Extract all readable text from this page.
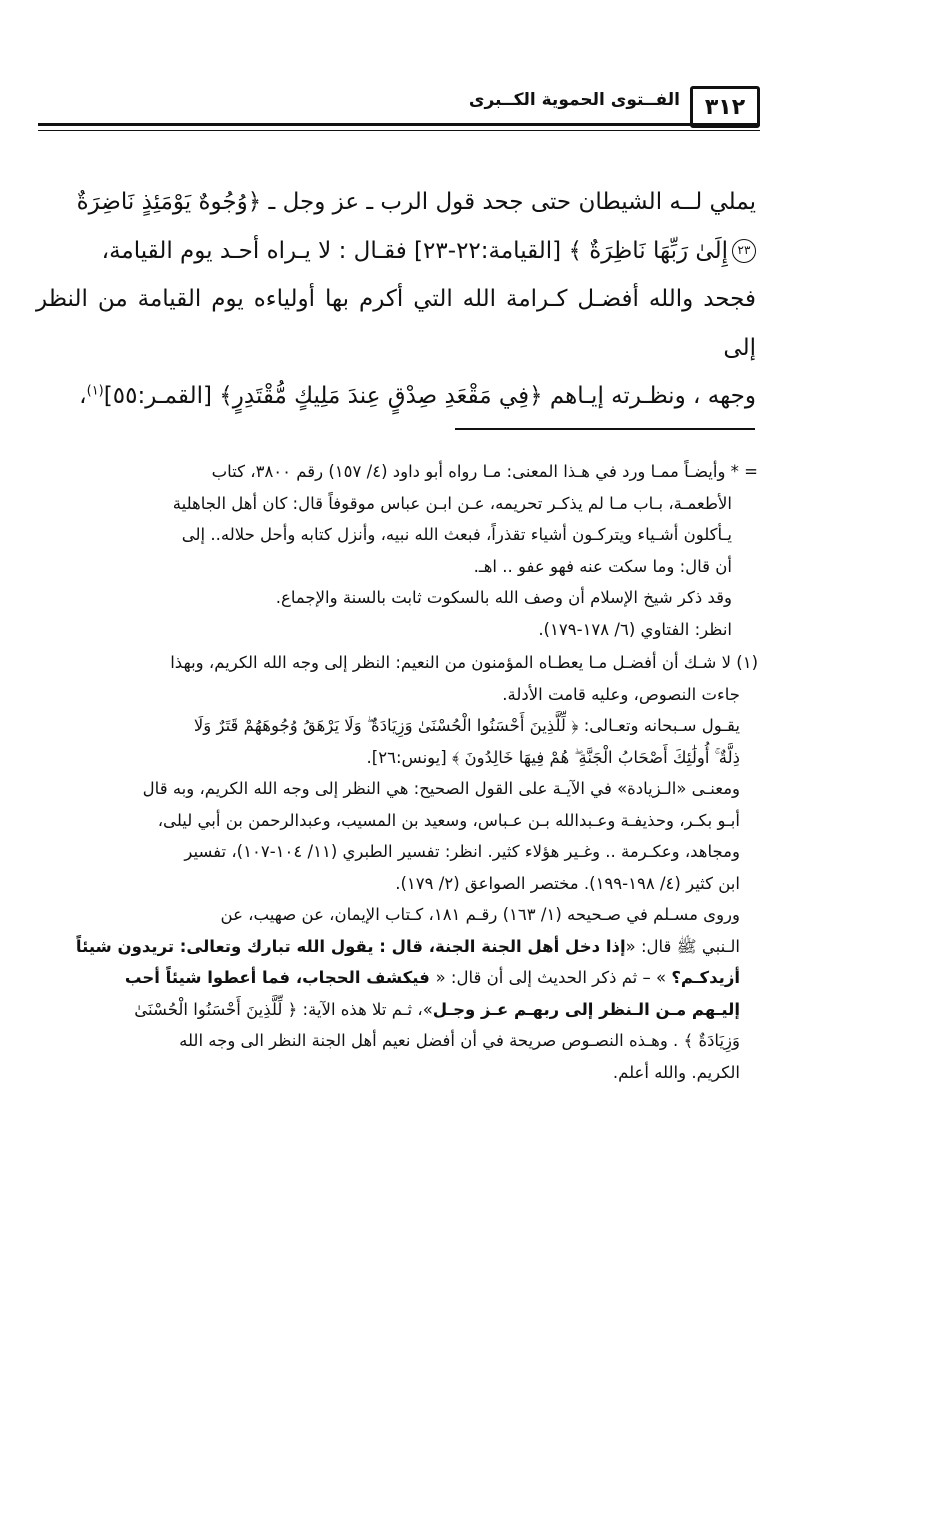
٣١٢
الفــتوى الحموية الكــبرى

يملي لــه الشيطان حتى جحد قول الرب ـ عز وجل ـ ﴿وُجُوهٌ يَوْمَئِذٍ نَاضِرَةٌ

٢٣إِلَىٰ رَبِّهَا نَاظِرَةٌ ﴾ [القيامة:٢٢-٢٣] فقـال : لا يـراه أحـد يوم القيامة،

فجحد والله أفضـل كـرامة الله التي أكرم بها أولياءه يوم القيامة من النظر إلى

وجهه ، ونظـرته إيـاهم ﴿فِي مَقْعَدِ صِدْقٍ عِندَ مَلِيكٍ مُّقْتَدِرٍ﴾ [القمـر:٥٥]$^{(١)}$،

= * وأيضـاً ممـا ورد في هـذا المعنى: مـا رواه أبو داود (٤/ ١٥٧) رقم ٣٨٠٠، كتاب

الأطعمـة، بـاب مـا لم يذكـر تحريمه، عـن ابـن عباس موقوفاً قال: كان أهل الجاهلية

يـأكلون أشـياء ويتركـون أشياء تقذراً، فبعث الله نبيه، وأنزل كتابه وأحل حلاله.. إلى

أن قال: وما سكت عنه فهو عفو .. اهـ.

وقد ذكر شيخ الإسلام أن وصف الله بالسكوت ثابت بالسنة والإجماع.

انظر: الفتاوي (٦/ ١٧٨-١٧٩).

(١) لا شـك أن أفضـل مـا يعطـاه المؤمنون من النعيم: النظر إلى وجه الله الكريم، وبهذا

جاءت النصوص، وعليه قامت الأدلة.

يقـول سـبحانه وتعـالى: ﴿ لِّلَّذِينَ أَحْسَنُوا الْحُسْنَىٰ وَزِيَادَةٌ ۖ وَلَا يَرْهَقُ وُجُوهَهُمْ قَتَرٌ وَلَا

ذِلَّةٌ ۚ أُولَٰئِكَ أَصْحَابُ الْجَنَّةِ ۖ هُمْ فِيهَا خَالِدُونَ ﴾ [يونس:٢٦].

ومعنـى «الـزيادة» في الآيـة على القول الصحيح: هي النظر إلى وجه الله الكريم، وبه قال

أبـو بكـر، وحذيفـة وعـبدالله بـن عـباس، وسعيد بن المسيب، وعبدالرحمن بن أبي ليلى،

ومجاهد، وعكـرمة .. وغـير هؤلاء كثير. انظر: تفسير الطبري (١١/ ١٠٤-١٠٧)، تفسير

ابن كثير (٤/ ١٩٨-١٩٩). مختصر الصواعق (٢/ ١٧٩).

وروى مسـلم في صـحيحه (١/ ١٦٣) رقـم ١٨١، كـتاب الإيمان، عن صهيب، عن

الـنبي ﷺ قال: «إذا دخل أهل الجنة الجنة، قال : يقول الله تبارك وتعالى: تريدون شيئاً

أزيدكـم؟ » – ثم ذكر الحديث إلى أن قال: « فيكشف الحجاب، فما أعطوا شيئاً أحب

إليـهم مـن الـنظر إلى ربهـم عـز وجـل»، ثـم تلا هذه الآية: ﴿ لِّلَّذِينَ أَحْسَنُوا الْحُسْنَىٰ

وَزِيَادَةٌ ﴾ . وهـذه النصـوص صريحة في أن أفضل نعيم أهل الجنة النظر الى وجه الله

الكريم. والله أعلم.
